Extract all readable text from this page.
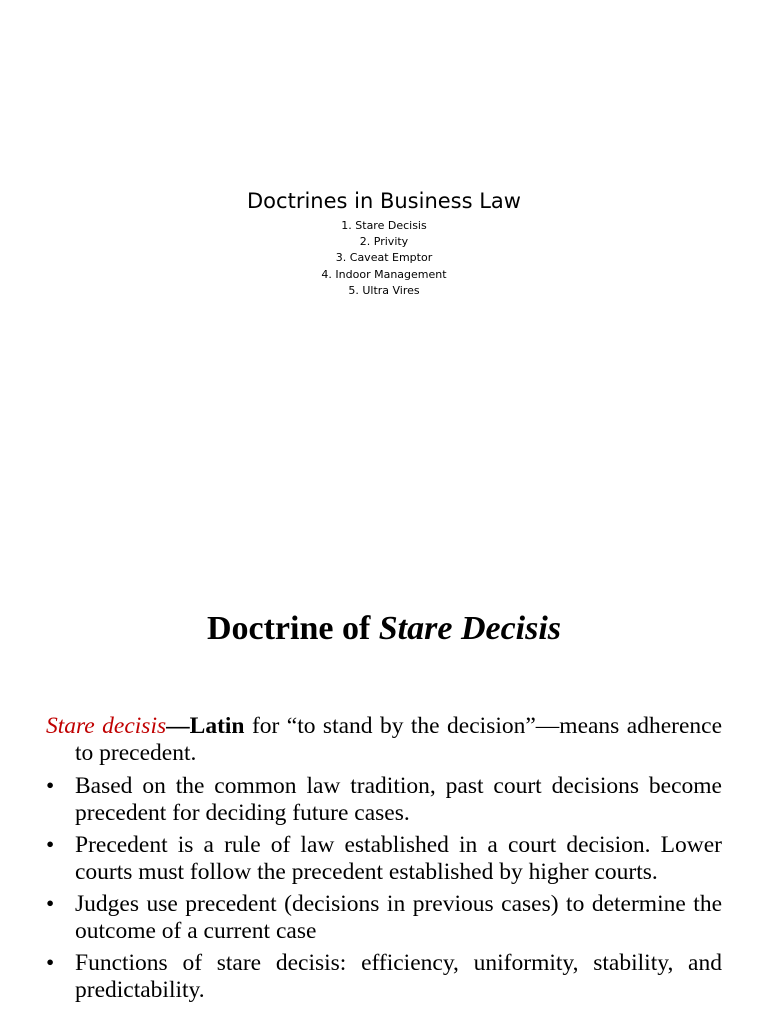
Doctrines in Business Law
1. Stare Decisis
2. Privity
3. Caveat Emptor
4. Indoor Management
5. Ultra Vires
Doctrine of Stare Decisis

Stare decisis—Latin for “to stand by the decision”—means adherence to precedent.

• Based on the common law tradition, past court decisions become precedent for deciding future cases.

• Precedent is a rule of law established in a court decision. Lower courts must follow the precedent established by higher courts.

• Judges use precedent (decisions in previous cases) to determine the outcome of a current case

• Functions of stare decisis: efficiency, uniformity, stability, and predictability.
